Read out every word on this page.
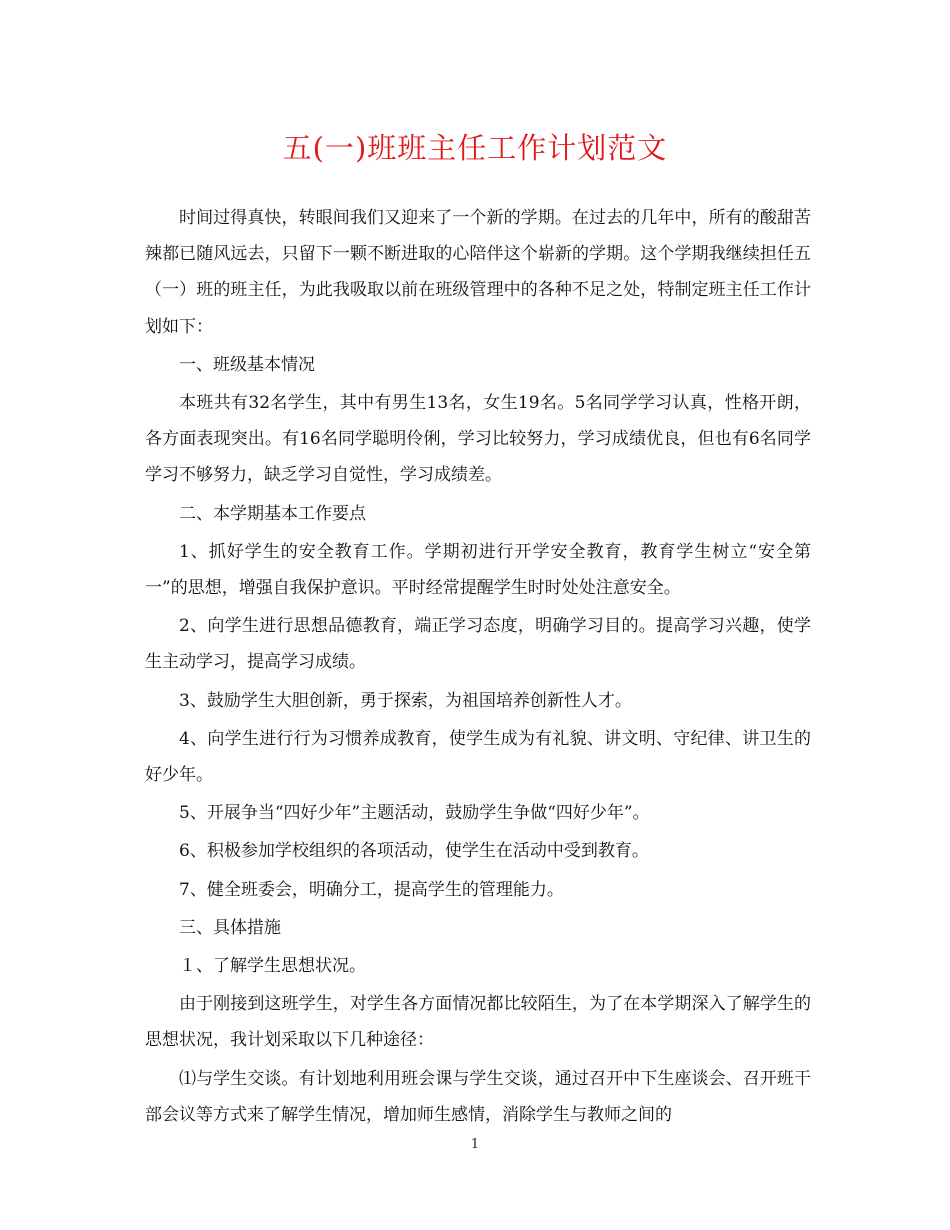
五(一)班班主任工作计划范文

时间过得真快，转眼间我们又迎来了一个新的学期。在过去的几年中，所有的酸甜苦辣都已随风远去，只留下一颗不断进取的心陪伴这个崭新的学期。这个学期我继续担任五（一）班的班主任，为此我吸取以前在班级管理中的各种不足之处，特制定班主任工作计划如下：

一、班级基本情况

本班共有32名学生，其中有男生13名，女生19名。5名同学学习认真，性格开朗，各方面表现突出。有16名同学聪明伶俐，学习比较努力，学习成绩优良，但也有6名同学学习不够努力，缺乏学习自觉性，学习成绩差。

二、本学期基本工作要点

1、抓好学生的安全教育工作。学期初进行开学安全教育，教育学生树立“安全第一”的思想，增强自我保护意识。平时经常提醒学生时时处处注意安全。

2、向学生进行思想品德教育，端正学习态度，明确学习目的。提高学习兴趣，使学生主动学习，提高学习成绩。

3、鼓励学生大胆创新，勇于探索，为祖国培养创新性人才。

4、向学生进行行为习惯养成教育，使学生成为有礼貌、讲文明、守纪律、讲卫生的好少年。

5、开展争当“四好少年”主题活动，鼓励学生争做“四好少年”。

6、积极参加学校组织的各项活动，使学生在活动中受到教育。

7、健全班委会，明确分工，提高学生的管理能力。

三、具体措施

１、了解学生思想状况。

由于刚接到这班学生，对学生各方面情况都比较陌生，为了在本学期深入了解学生的思想状况，我计划采取以下几种途径：

⑴与学生交谈。有计划地利用班会课与学生交谈，通过召开中下生座谈会、召开班干部会议等方式来了解学生情况，增加师生感情，消除学生与教师之间的

1
